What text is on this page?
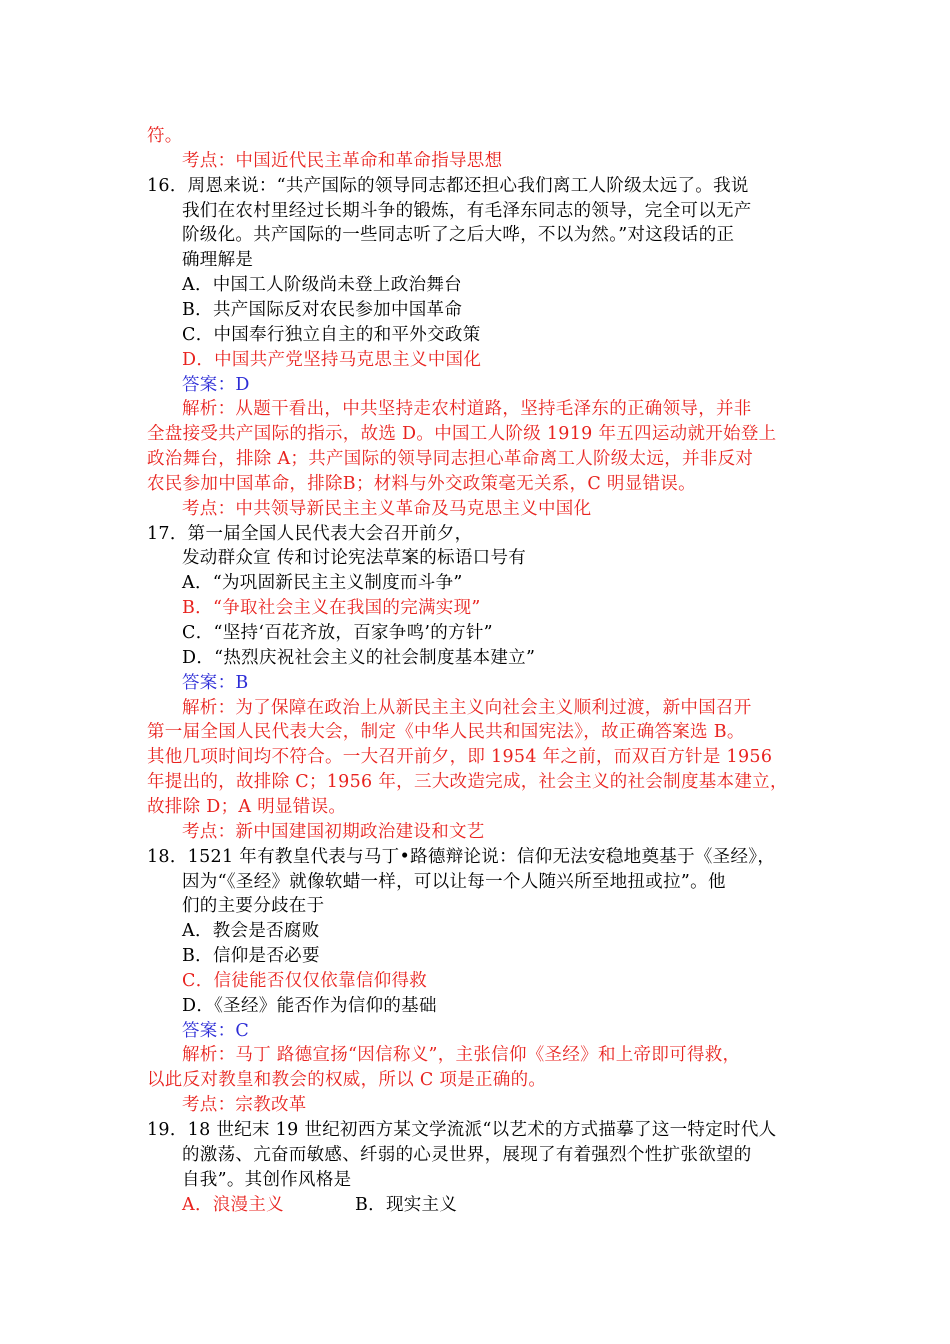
符。
考点：中国近代民主革命和革命指导思想
16．周恩来说：“共产国际的领导同志都还担心我们离工人阶级太远了。我说
我们在农村里经过长期斗争的锻炼，有毛泽东同志的领导，完全可以无产
阶级化。共产国际的一些同志听了之后大哗，不以为然。”对这段话的正
确理解是
A．中国工人阶级尚未登上政治舞台
B．共产国际反对农民参加中国革命
C．中国奉行独立自主的和平外交政策
D．中国共产党坚持马克思主义中国化
答案：D
解析：从题干看出，中共坚持走农村道路，坚持毛泽东的正确领导，并非
全盘接受共产国际的指示，故选 D。中国工人阶级 1919 年五四运动就开始登上
政治舞台，排除 A；共产国际的领导同志担心革命离工人阶级太远，并非反对
农民参加中国革命，排除B；材料与外交政策毫无关系，C 明显错误。
考点：中共领导新民主主义革命及马克思主义中国化
17．第一届全国人民代表大会召开前夕，
发动群众宣 传和讨论宪法草案的标语口号有
A．“为巩固新民主主义制度而斗争”
B．“争取社会主义在我国的完满实现”
C．“坚持‘百花齐放，百家争鸣’的方针”
D．“热烈庆祝社会主义的社会制度基本建立”
答案：B
解析：为了保障在政治上从新民主主义向社会主义顺利过渡，新中国召开
第一届全国人民代表大会，制定《中华人民共和国宪法》，故正确答案选 B。
其他几项时间均不符合。一大召开前夕，即 1954 年之前，而双百方针是 1956
年提出的，故排除 C；1956 年，三大改造完成，社会主义的社会制度基本建立，
故排除 D；A 明显错误。
考点：新中国建国初期政治建设和文艺
18．1521 年有教皇代表与马丁•路德辩论说：信仰无法安稳地奠基于《圣经》，
因为“《圣经》就像软蜡一样，可以让每一个人随兴所至地扭或拉”。他
们的主要分歧在于
A．教会是否腐败
B．信仰是否必要
C．信徒能否仅仅依靠信仰得救
D．《圣经》能否作为信仰的基础
答案：C
解析：马丁 路德宣扬“因信称义”，主张信仰《圣经》和上帝即可得救，
以此反对教皇和教会的权威，所以 C 项是正确的。
考点：宗教改革
19．18 世纪末 19 世纪初西方某文学流派“以艺术的方式描摹了这一特定时代人
的激荡、亢奋而敏感、纤弱的心灵世界，展现了有着强烈个性扩张欲望的
自我”。其创作风格是
A．浪漫主义	B．现实主义
